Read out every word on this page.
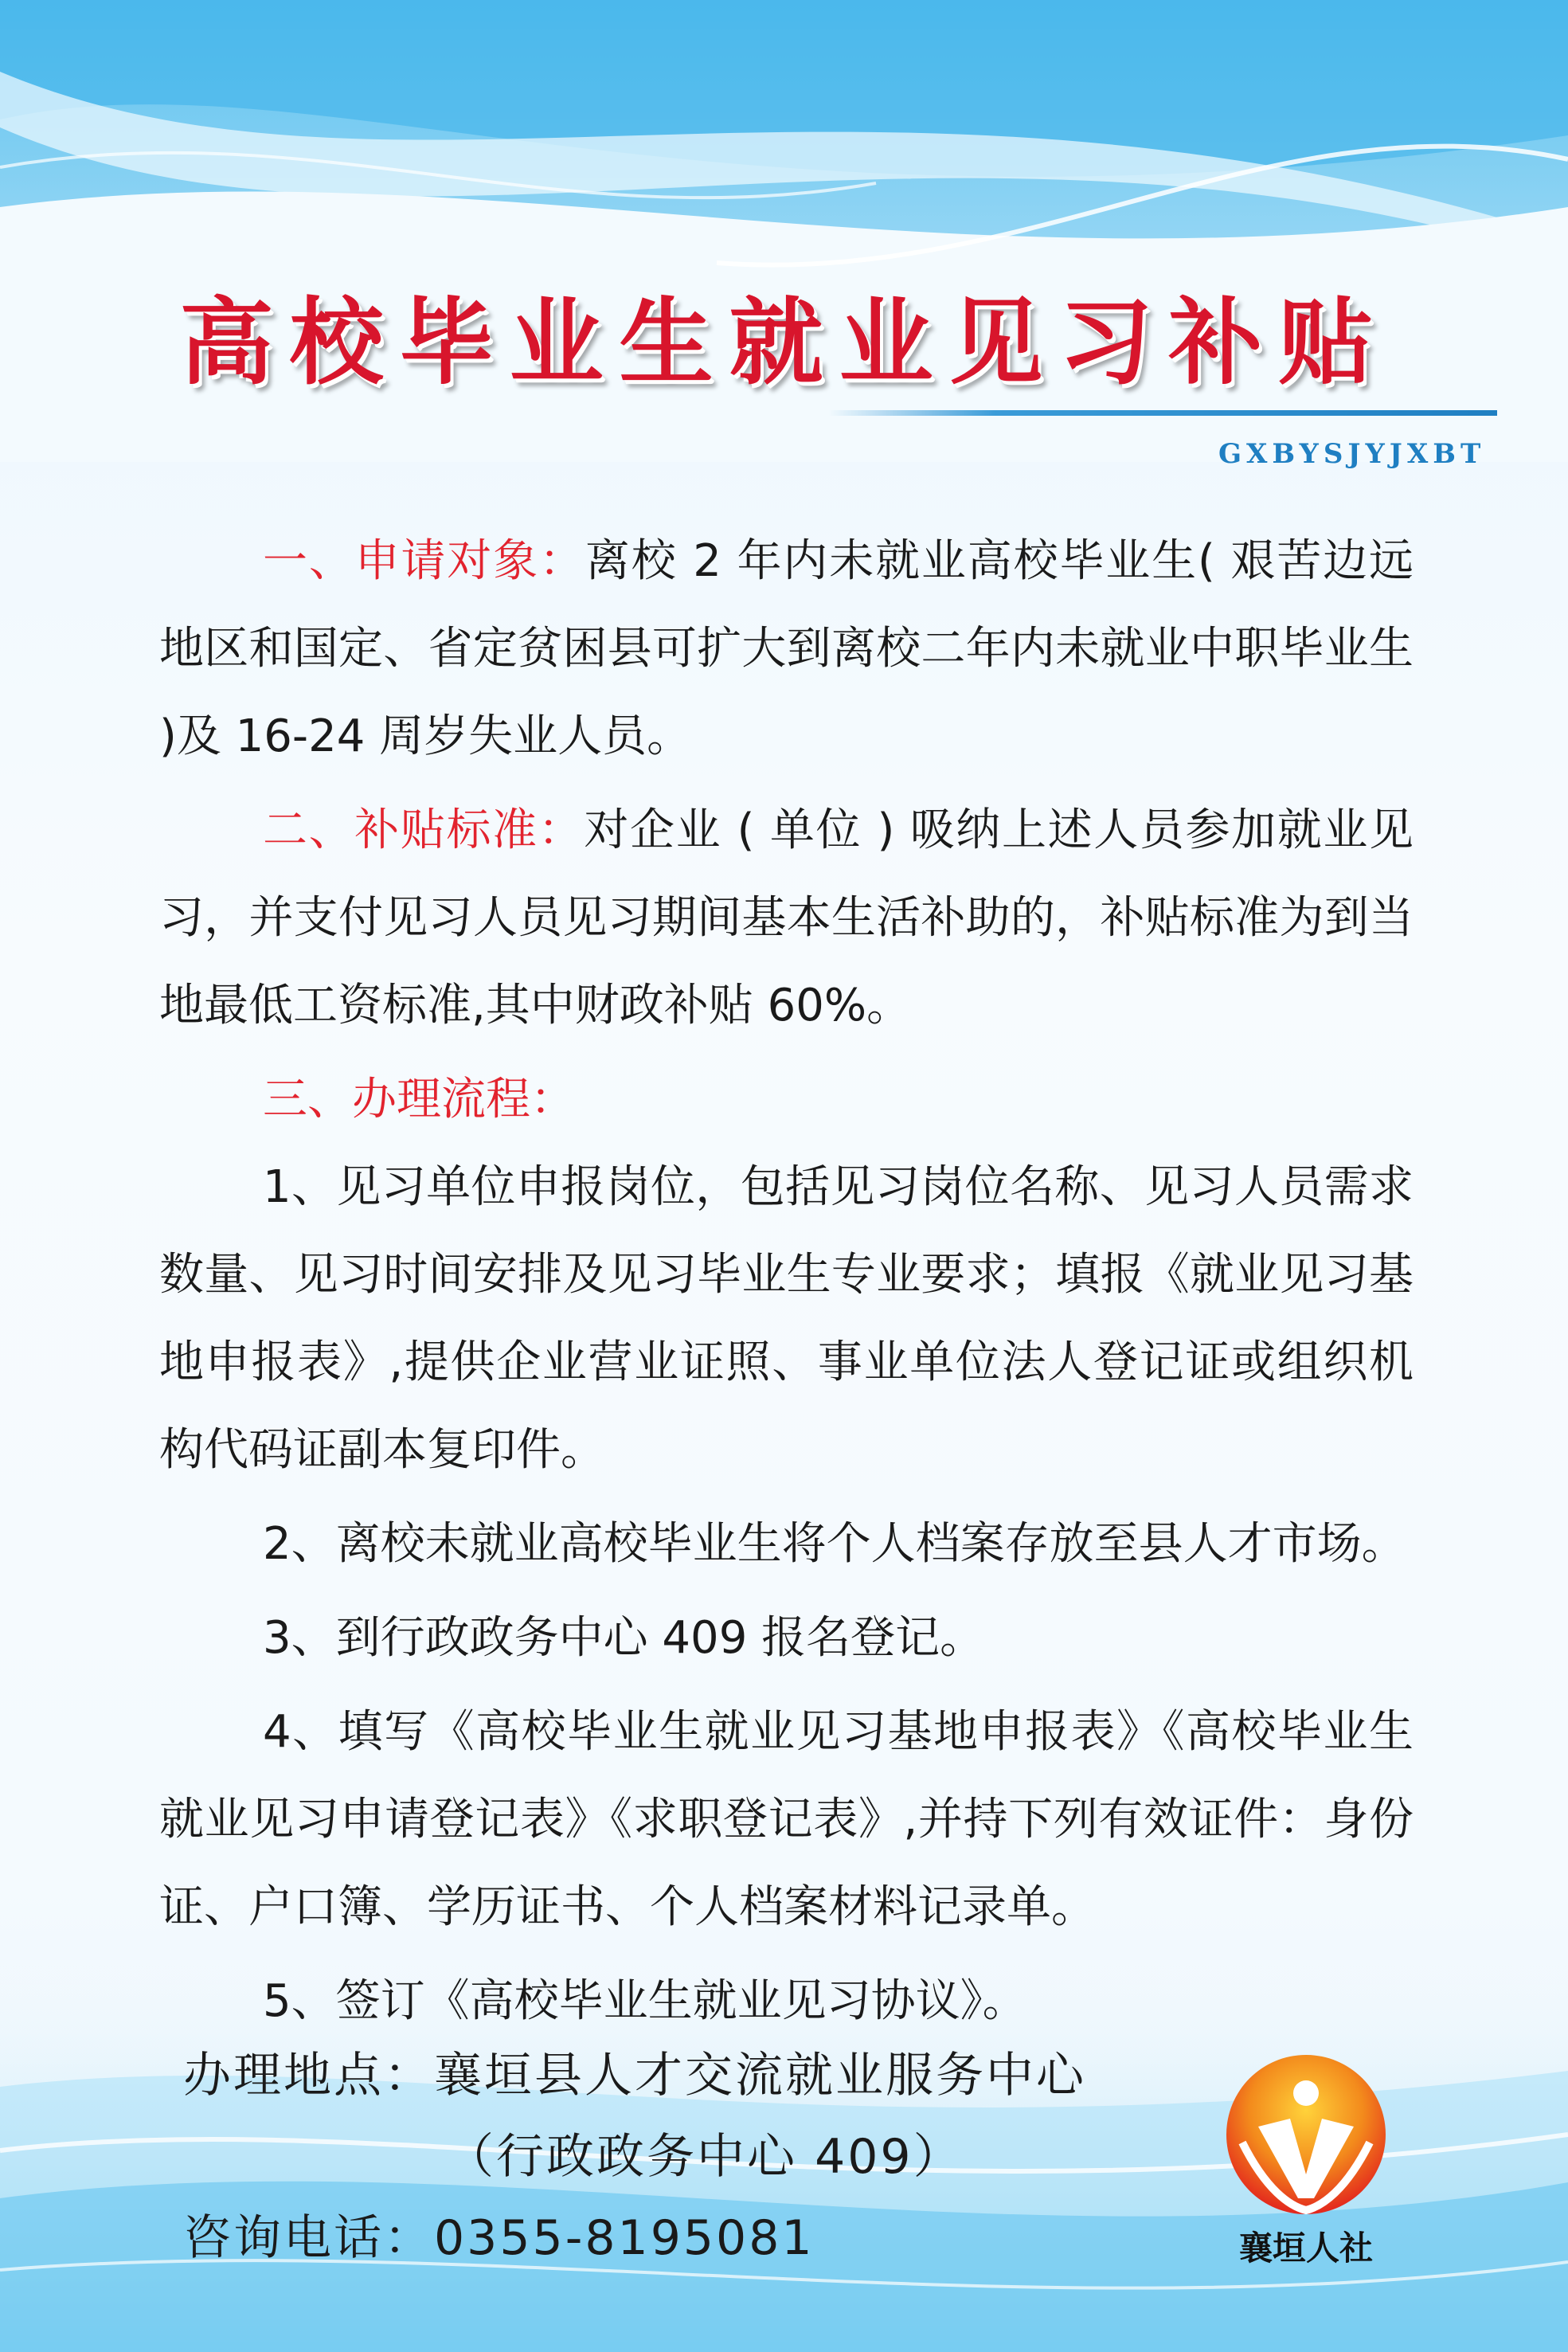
高校毕业生就业见习补贴
GXBYSJYJXBT

一、申请对象：离校 2 年内未就业高校毕业生( 艰苦边远地区和国定、省定贫困县可扩大到离校二年内未就业中职毕业生 )及 16-24 周岁失业人员。

二、补贴标准：对企业 ( 单位 ) 吸纳上述人员参加就业见习，并支付见习人员见习期间基本生活补助的，补贴标准为到当地最低工资标准,其中财政补贴 60%。

三、办理流程：

1、见习单位申报岗位，包括见习岗位名称、见习人员需求数量、见习时间安排及见习毕业生专业要求；填报《就业见习基地申报表》,提供企业营业证照、事业单位法人登记证或组织机构代码证副本复印件。

2、离校未就业高校毕业生将个人档案存放至县人才市场。

3、到行政政务中心 409 报名登记。

4、填写《高校毕业生就业见习基地申报表》《高校毕业生就业见习申请登记表》《求职登记表》,并持下列有效证件：身份证、户口簿、学历证书、个人档案材料记录单。

5、签订《高校毕业生就业见习协议》。

办理地点：襄垣县人才交流就业服务中心
（行政政务中心 409）
咨询电话：0355-8195081	襄垣人社
